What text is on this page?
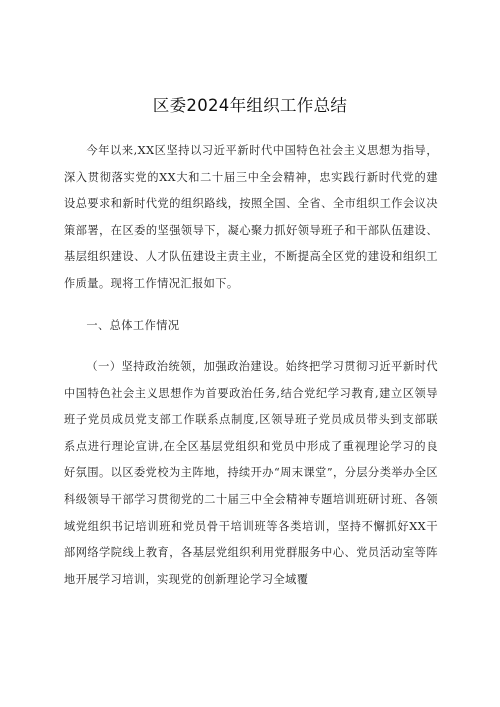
区委2024年组织工作总结

今年以来,XX区坚持以习近平新时代中国特色社会主义思想为指导，深入贯彻落实党的XX大和二十届三中全会精神，忠实践行新时代党的建设总要求和新时代党的组织路线，按照全国、全省、全市组织工作会议决策部署，在区委的坚强领导下，凝心聚力抓好领导班子和干部队伍建设、基层组织建设、人才队伍建设主责主业，不断提高全区党的建设和组织工作质量。现将工作情况汇报如下。

一、总体工作情况

（一）坚持政治统领，加强政治建设。始终把学习贯彻习近平新时代中国特色社会主义思想作为首要政治任务,结合党纪学习教育,建立区领导班子党员成员党支部工作联系点制度,区领导班子党员成员带头到支部联系点进行理论宣讲,在全区基层党组织和党员中形成了重视理论学习的良好氛围。以区委党校为主阵地，持续开办“周末课堂”，分层分类举办全区科级领导干部学习贯彻党的二十届三中全会精神专题培训班研讨班、各领域党组织书记培训班和党员骨干培训班等各类培训，坚持不懈抓好XX干部网络学院线上教育，各基层党组织利用党群服务中心、党员活动室等阵地开展学习培训，实现党的创新理论学习全域覆
